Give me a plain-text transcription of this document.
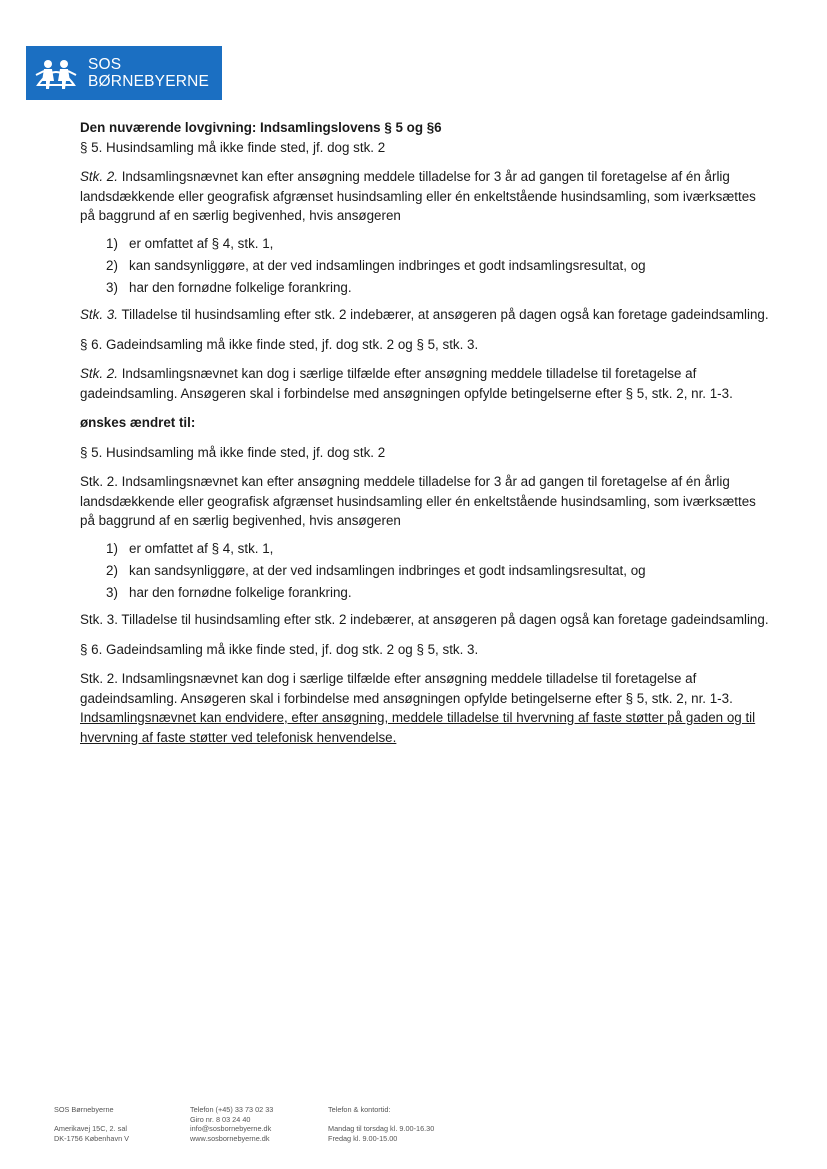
SOS
BØRNEBYERNE

Den nuværende lovgivning: Indsamlingslovens § 5 og §6

§ 5. Husindsamling må ikke finde sted, jf. dog stk. 2

Stk. 2. Indsamlingsnævnet kan efter ansøgning meddele tilladelse for 3 år ad gangen til foretagelse af én årlig landsdækkende eller geografisk afgrænset husindsamling eller én enkeltstående husindsamling, som iværksættes på baggrund af en særlig begivenhed, hvis ansøgeren

1) er omfattet af § 4, stk. 1,
2) kan sandsynliggøre, at der ved indsamlingen indbringes et godt indsamlingsresultat, og
3) har den fornødne folkelige forankring.

Stk. 3. Tilladelse til husindsamling efter stk. 2 indebærer, at ansøgeren på dagen også kan foretage gadeindsamling.

§ 6. Gadeindsamling må ikke finde sted, jf. dog stk. 2 og § 5, stk. 3.

Stk. 2. Indsamlingsnævnet kan dog i særlige tilfælde efter ansøgning meddele tilladelse til foretagelse af gadeindsamling. Ansøgeren skal i forbindelse med ansøgningen opfylde betingelserne efter § 5, stk. 2, nr. 1-3.

ønskes ændret til:

§ 5. Husindsamling må ikke finde sted, jf. dog stk. 2

Stk. 2. Indsamlingsnævnet kan efter ansøgning meddele tilladelse for 3 år ad gangen til foretagelse af én årlig landsdækkende eller geografisk afgrænset husindsamling eller én enkeltstående husindsamling, som iværksættes på baggrund af en særlig begivenhed, hvis ansøgeren

1) er omfattet af § 4, stk. 1,
2) kan sandsynliggøre, at der ved indsamlingen indbringes et godt indsamlingsresultat, og
3) har den fornødne folkelige forankring.

Stk. 3. Tilladelse til husindsamling efter stk. 2 indebærer, at ansøgeren på dagen også kan foretage gadeindsamling.

§ 6. Gadeindsamling må ikke finde sted, jf. dog stk. 2 og § 5, stk. 3.

Stk. 2. Indsamlingsnævnet kan dog i særlige tilfælde efter ansøgning meddele tilladelse til foretagelse af gadeindsamling. Ansøgeren skal i forbindelse med ansøgningen opfylde betingelserne efter § 5, stk. 2, nr. 1-3. Indsamlingsnævnet kan endvidere, efter ansøgning, meddele tilladelse til hvervning af faste støtter på gaden og til hvervning af faste støtter ved telefonisk henvendelse.

SOS Børnebyerne
Amerikavej 15C, 2. sal
DK-1756 København V
Telefon (+45) 33 73 02 33
Giro nr. 8 03 24 40
info@sosbornebyerne.dk
www.sosbornebyerne.dk
Telefon & kontortid:
Mandag til torsdag kl. 9.00-16.30
Fredag kl. 9.00-15.00
